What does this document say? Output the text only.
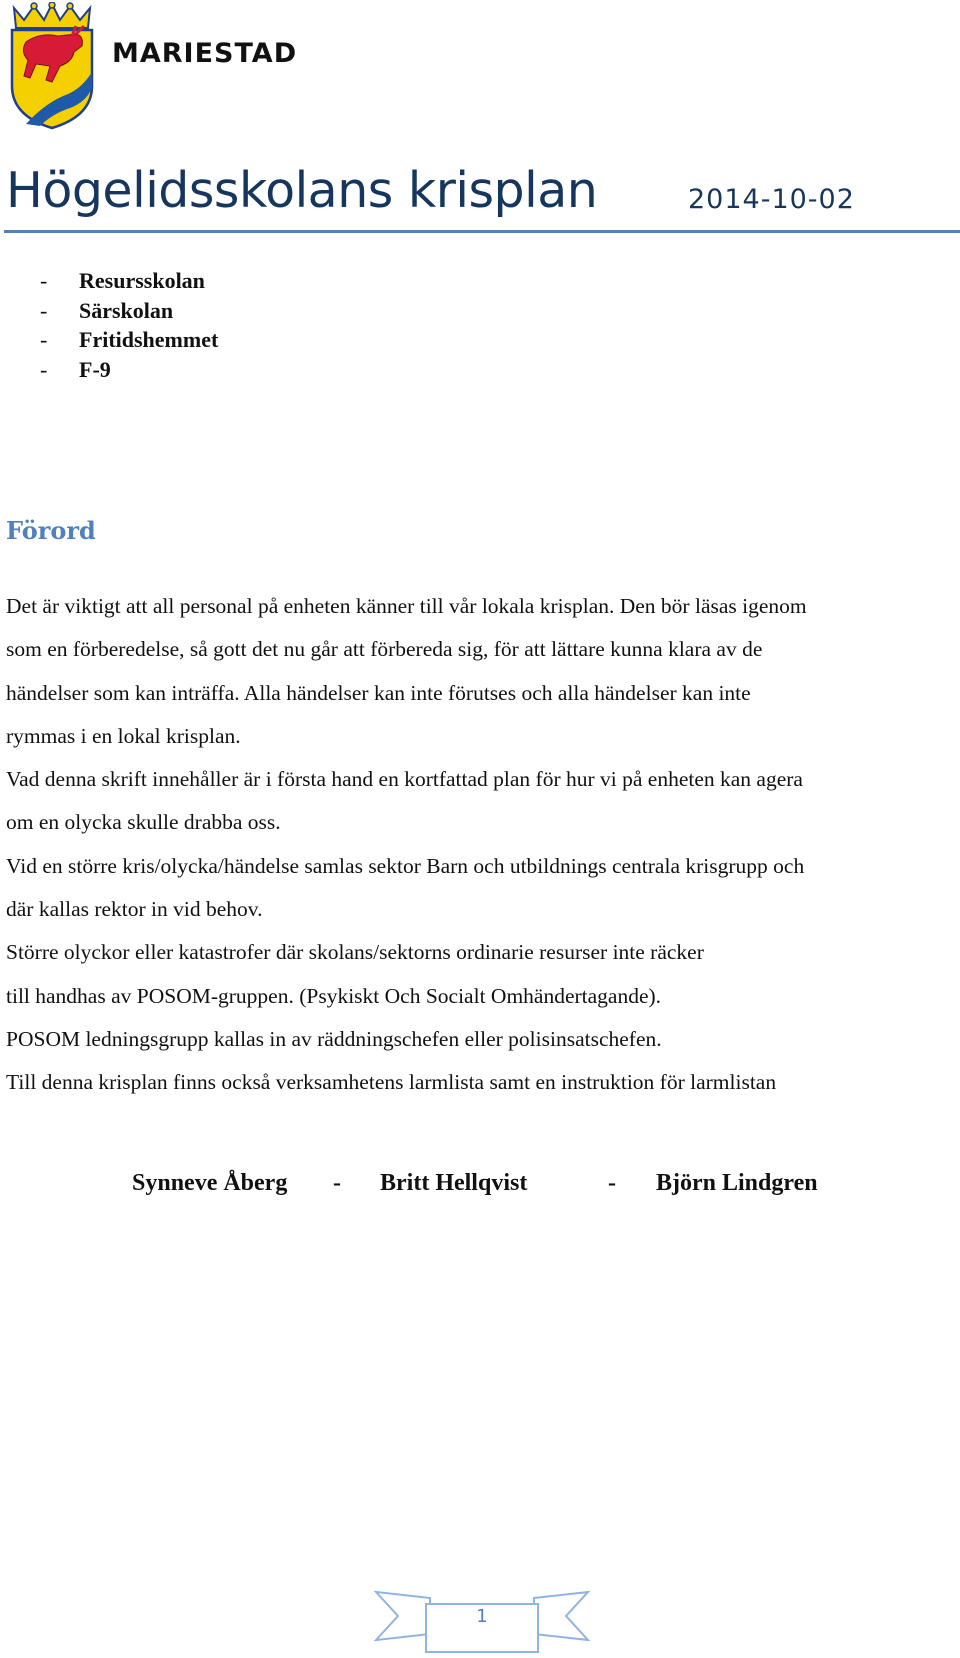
MARIESTAD
Högelidsskolans krisplan	2014-10-02
- Resursskolan
- Särskolan
- Fritidshemmet
- F-9
Förord
Det är viktigt att all personal på enheten känner till vår lokala krisplan. Den bör läsas igenom
som en förberedelse, så gott det nu går att förbereda sig, för att lättare kunna klara av de
händelser som kan inträffa. Alla händelser kan inte förutses och alla händelser kan inte
rymmas i en lokal krisplan.
Vad denna skrift innehåller är i första hand en kortfattad plan för hur vi på enheten kan agera
om en olycka skulle drabba oss.
Vid en större kris/olycka/händelse samlas sektor Barn och utbildnings centrala krisgrupp och
där kallas rektor in vid behov.
Större olyckor eller katastrofer där skolans/sektorns ordinarie resurser inte räcker
till handhas av POSOM-gruppen. (Psykiskt Och Socialt Omhändertagande).
POSOM ledningsgrupp kallas in av räddningschefen eller polisinsatschefen.
Till denna krisplan finns också verksamhetens larmlista samt en instruktion för larmlistan
Synneve Åberg - Britt Hellqvist	- Björn Lindgren
1
